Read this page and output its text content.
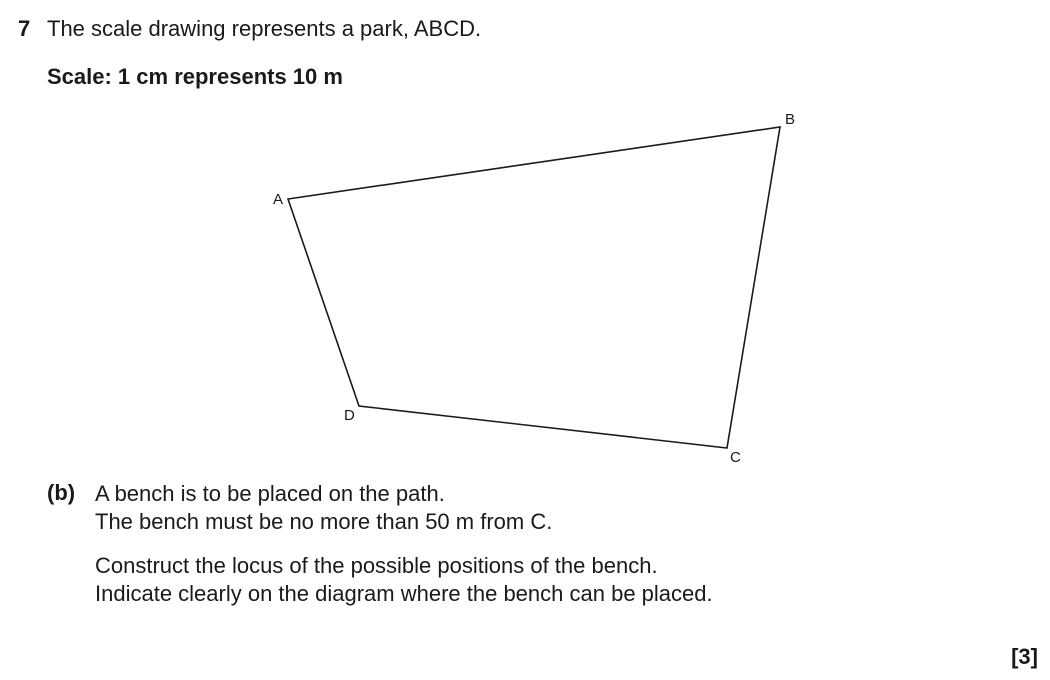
7 The scale drawing represents a park, ABCD.
Scale: 1 cm represents 10 m
A
B
C
D
(b) A bench is to be placed on the path.
The bench must be no more than 50 m from C.
Construct the locus of the possible positions of the bench.
Indicate clearly on the diagram where the bench can be placed.
[3]
